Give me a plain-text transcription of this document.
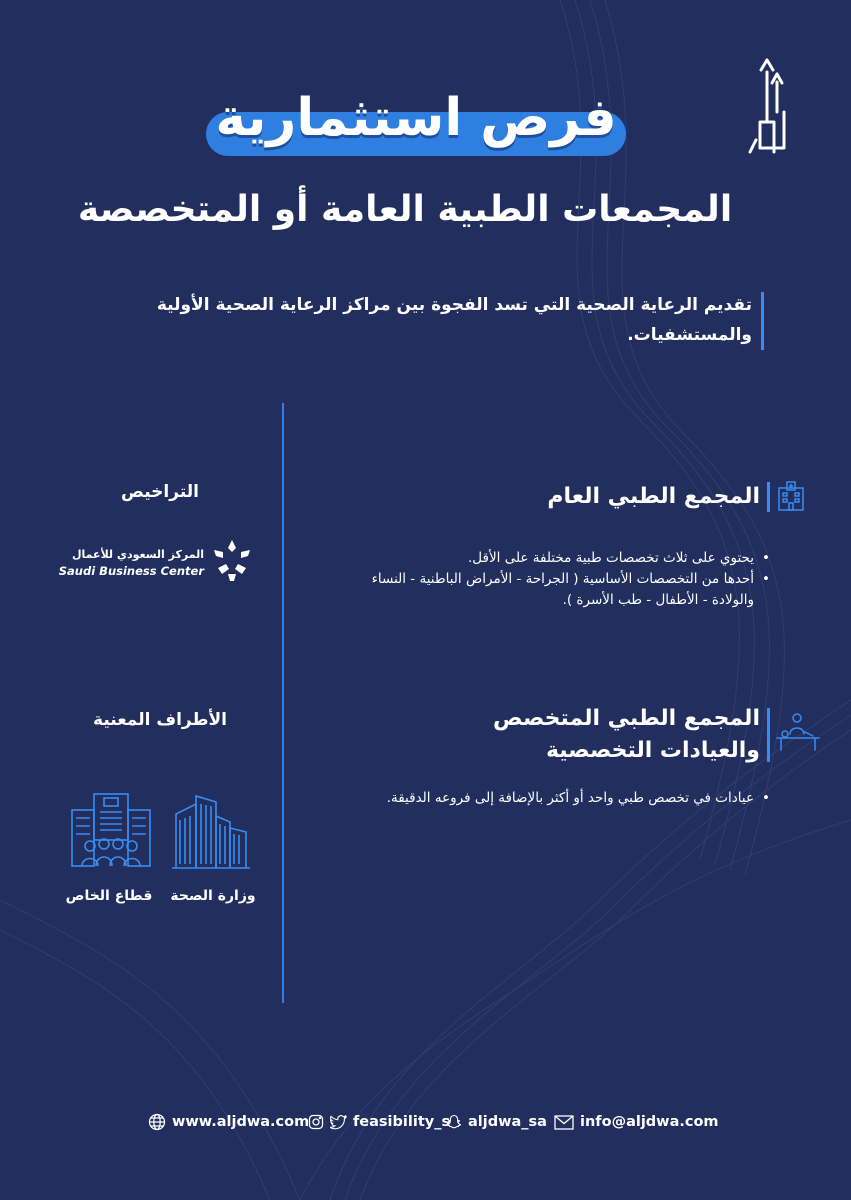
فرص استثمارية
المجمعات الطبية العامة أو المتخصصة
تقديم الرعاية الصحية التي تسد الفجوة بين مراكز الرعاية الصحية الأولية والمستشفيات.
المجمع الطبي العام
• يحتوي على ثلاث تخصصات طبية مختلفة على الأقل.
• أحدها من التخصصات الأساسية ( الجراحة - الأمراض الباطنية - النساء والولادة - الأطفال - طب الأسرة ).
المجمع الطبي المتخصص
والعيادات التخصصية
• عيادات في تخصص طبي واحد أو أكثر بالإضافة إلى فروعه الدقيقة.
التراخيص
المركز السعودي للأعمال
Saudi Business Center
الأطراف المعنية
وزارة الصحة
قطاع الخاص
www.aljdwa.com	feasibility_s aljdwa_sa info@aljdwa.com
